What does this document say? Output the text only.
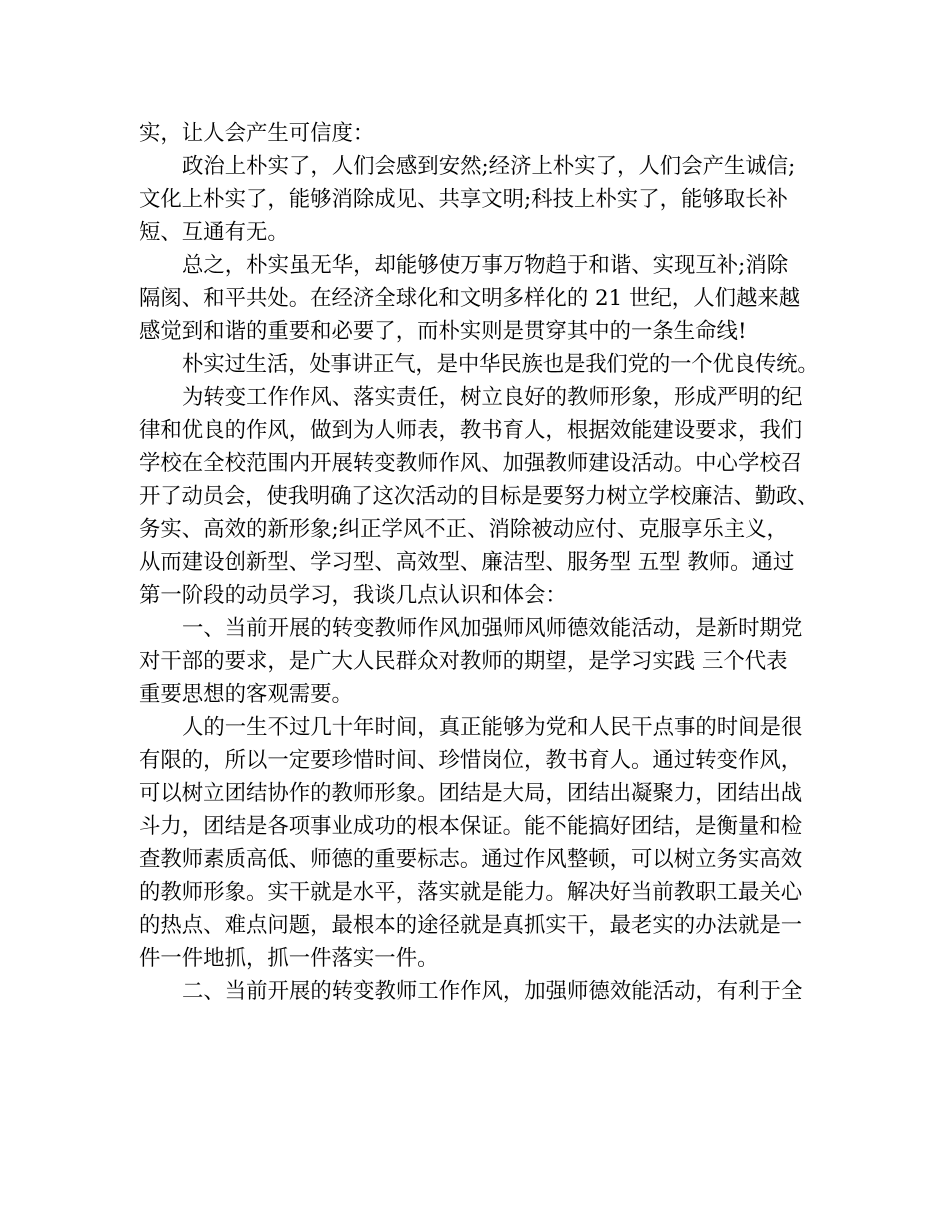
实，让人会产生可信度：
政治上朴实了，人们会感到安然;经济上朴实了，人们会产生诚信;
文化上朴实了，能够消除成见、共享文明;科技上朴实了，能够取长补
短、互通有无。
总之，朴实虽无华，却能够使万事万物趋于和谐、实现互补;消除
隔阂、和平共处。在经济全球化和文明多样化的 21 世纪，人们越来越
感觉到和谐的重要和必要了，而朴实则是贯穿其中的一条生命线!
朴实过生活，处事讲正气，是中华民族也是我们党的一个优良传统。
为转变工作作风、落实责任，树立良好的教师形象，形成严明的纪
律和优良的作风，做到为人师表，教书育人，根据效能建设要求，我们
学校在全校范围内开展转变教师作风、加强教师建设活动。中心学校召
开了动员会，使我明确了这次活动的目标是要努力树立学校廉洁、勤政、
务实、高效的新形象;纠正学风不正、消除被动应付、克服享乐主义，
从而建设创新型、学习型、高效型、廉洁型、服务型 五型 教师。通过
第一阶段的动员学习，我谈几点认识和体会：
一、当前开展的转变教师作风加强师风师德效能活动，是新时期党
对干部的要求，是广大人民群众对教师的期望，是学习实践 三个代表
重要思想的客观需要。
人的一生不过几十年时间，真正能够为党和人民干点事的时间是很
有限的，所以一定要珍惜时间、珍惜岗位，教书育人。通过转变作风，
可以树立团结协作的教师形象。团结是大局，团结出凝聚力，团结出战
斗力，团结是各项事业成功的根本保证。能不能搞好团结，是衡量和检
查教师素质高低、师德的重要标志。通过作风整顿，可以树立务实高效
的教师形象。实干就是水平，落实就是能力。解决好当前教职工最关心
的热点、难点问题，最根本的途径就是真抓实干，最老实的办法就是一
件一件地抓，抓一件落实一件。
二、当前开展的转变教师工作作风，加强师德效能活动，有利于全
